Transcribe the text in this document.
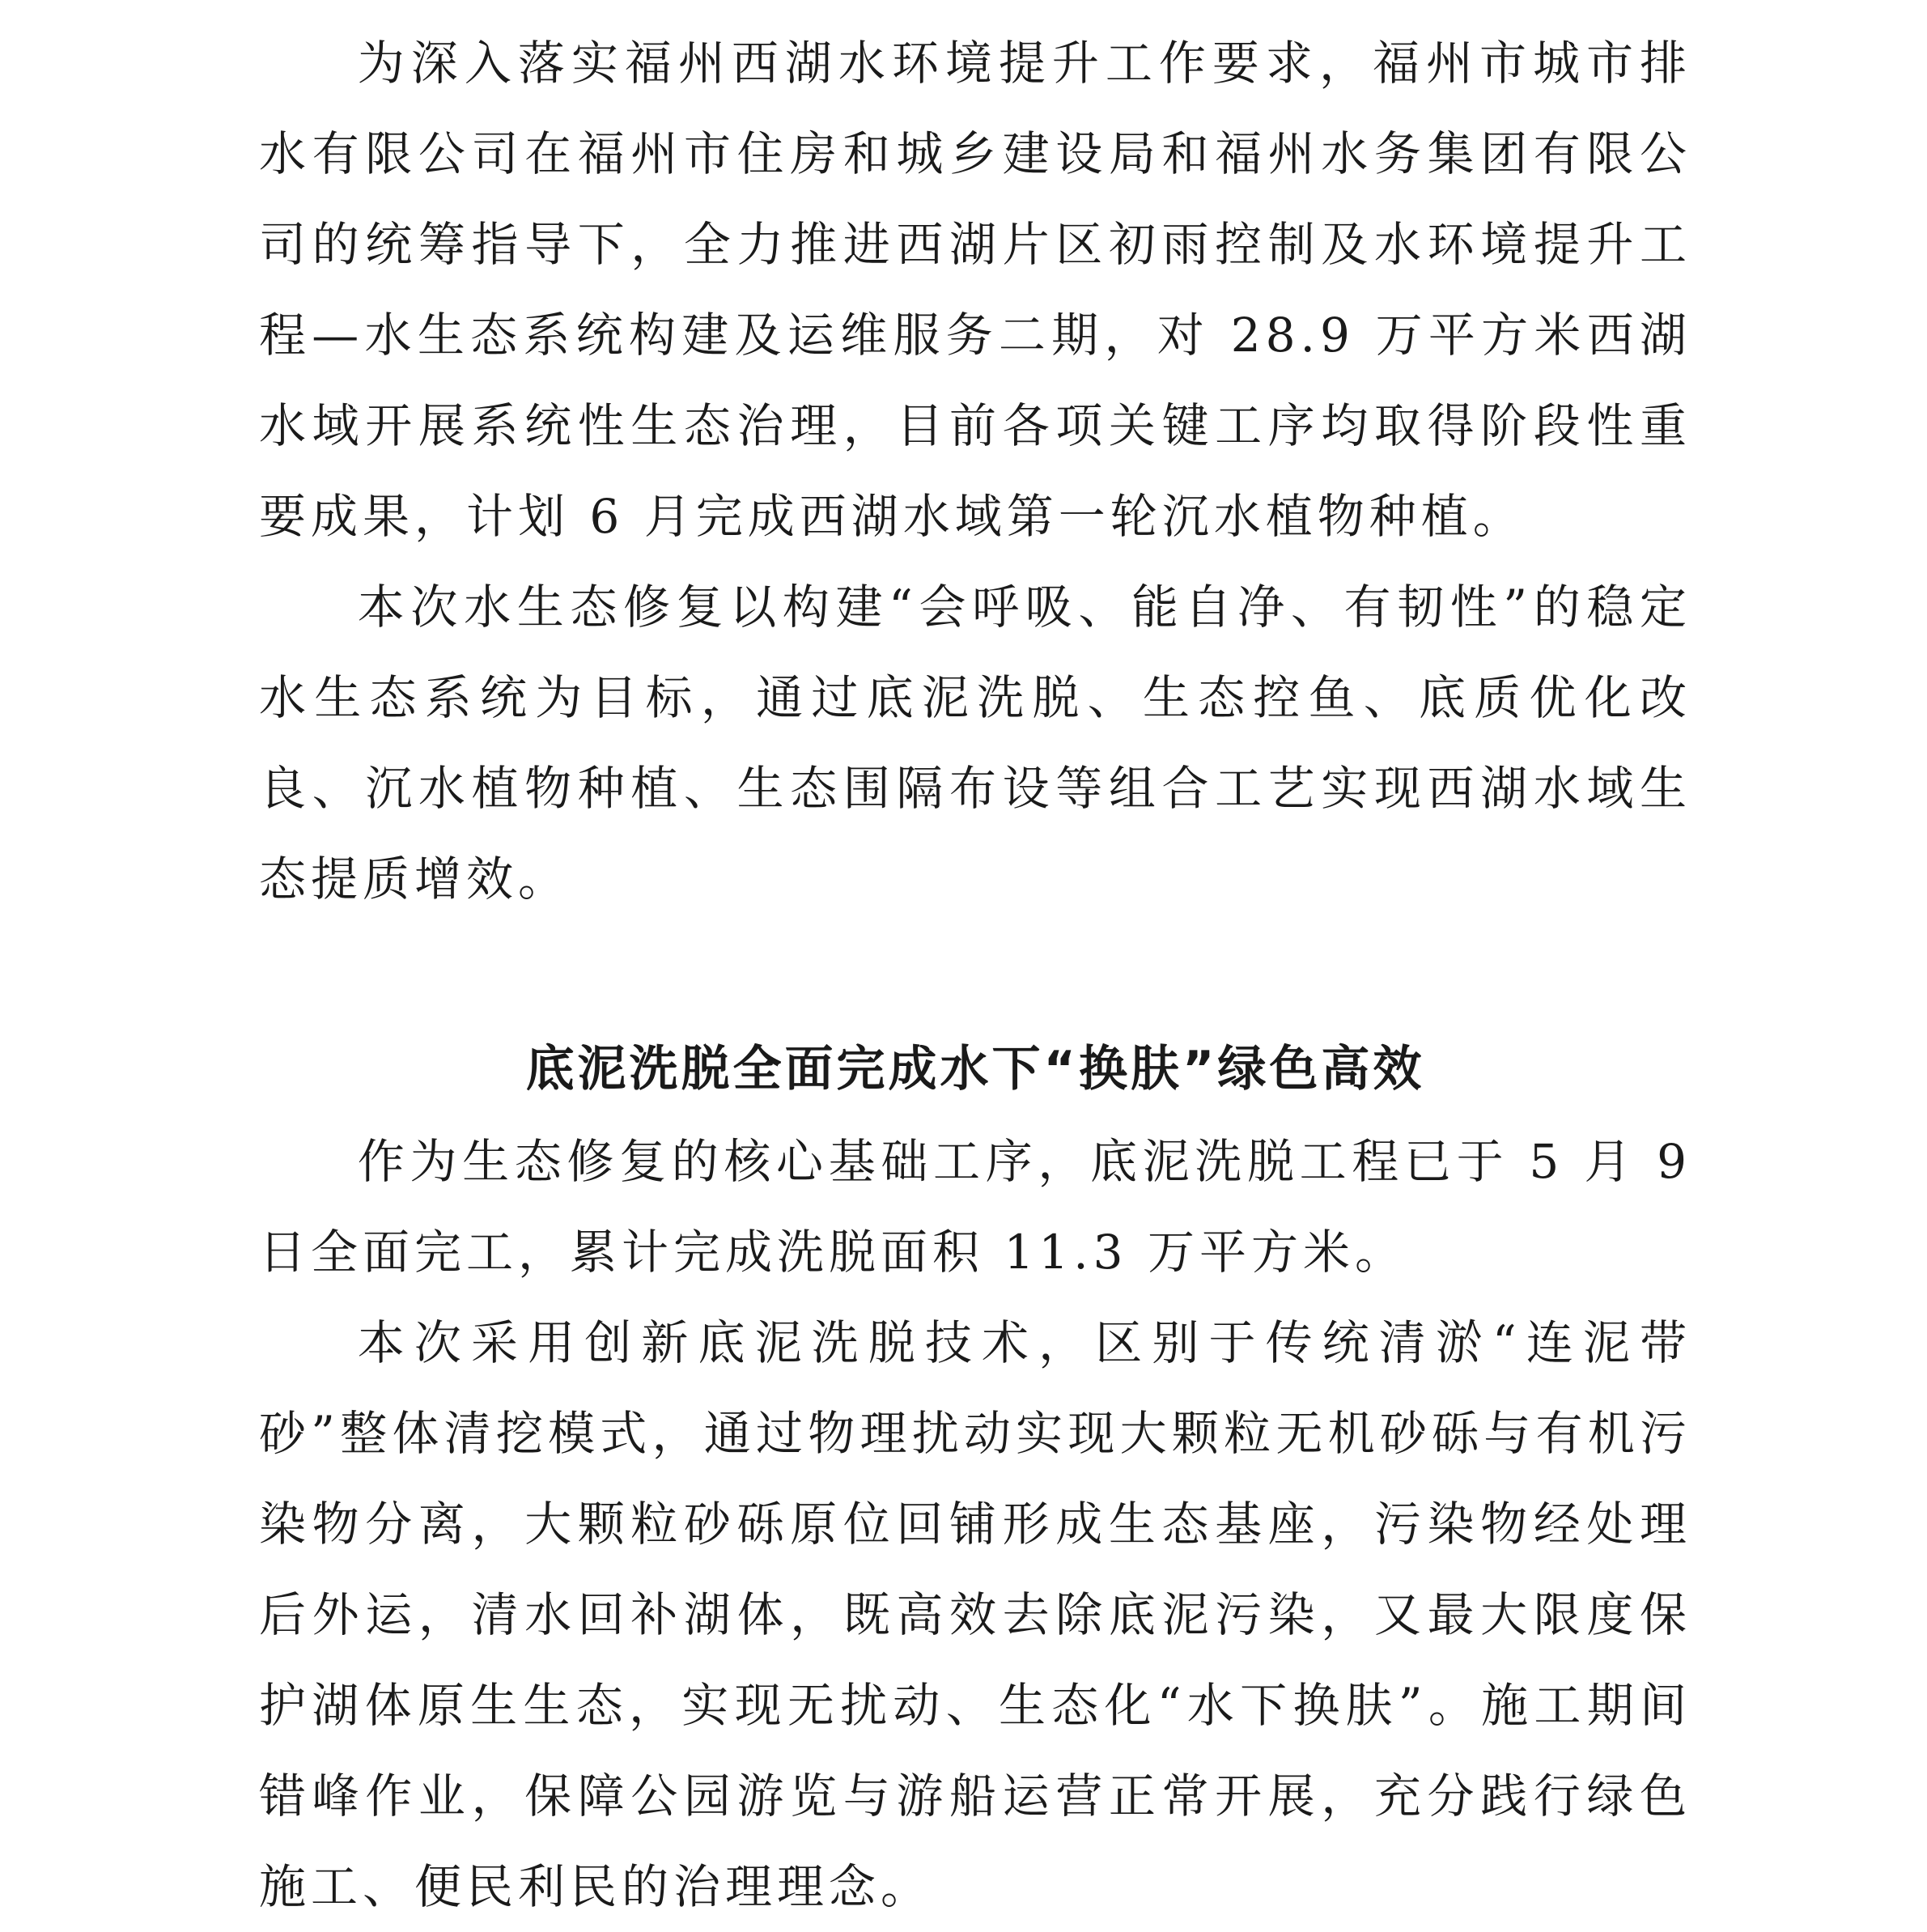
为深入落实福州西湖水环境提升工作要求，福州市城市排水有限公司在福州市住房和城乡建设局和福州水务集团有限公司的统筹指导下，全力推进西湖片区初雨控制及水环境提升工程—水生态系统构建及运维服务二期，对 28.9 万平方米西湖水域开展系统性生态治理，目前各项关键工序均取得阶段性重要成果，计划 6 月完成西湖水域第一轮沉水植物种植。

本次水生态修复以构建“会呼吸、能自净、有韧性”的稳定水生态系统为目标，通过底泥洗脱、生态控鱼、底质优化改良、沉水植物种植、生态围隔布设等组合工艺实现西湖水域生态提质增效。

底泥洗脱全面完成水下“换肤”绿色高效

作为生态修复的核心基础工序，底泥洗脱工程已于 5 月 9 日全面完工，累计完成洗脱面积 11.3 万平方米。

本次采用创新底泥洗脱技术，区别于传统清淤“连泥带砂”整体清挖模式，通过物理扰动实现大颗粒无机砂砾与有机污染物分离，大颗粒砂砾原位回铺形成生态基座，污染物经处理后外运，清水回补湖体，既高效去除底泥污染，又最大限度保护湖体原生生态，实现无扰动、生态化“水下换肤”。施工期间错峰作业，保障公园游览与游船运营正常开展，充分践行绿色施工、便民利民的治理理念。
